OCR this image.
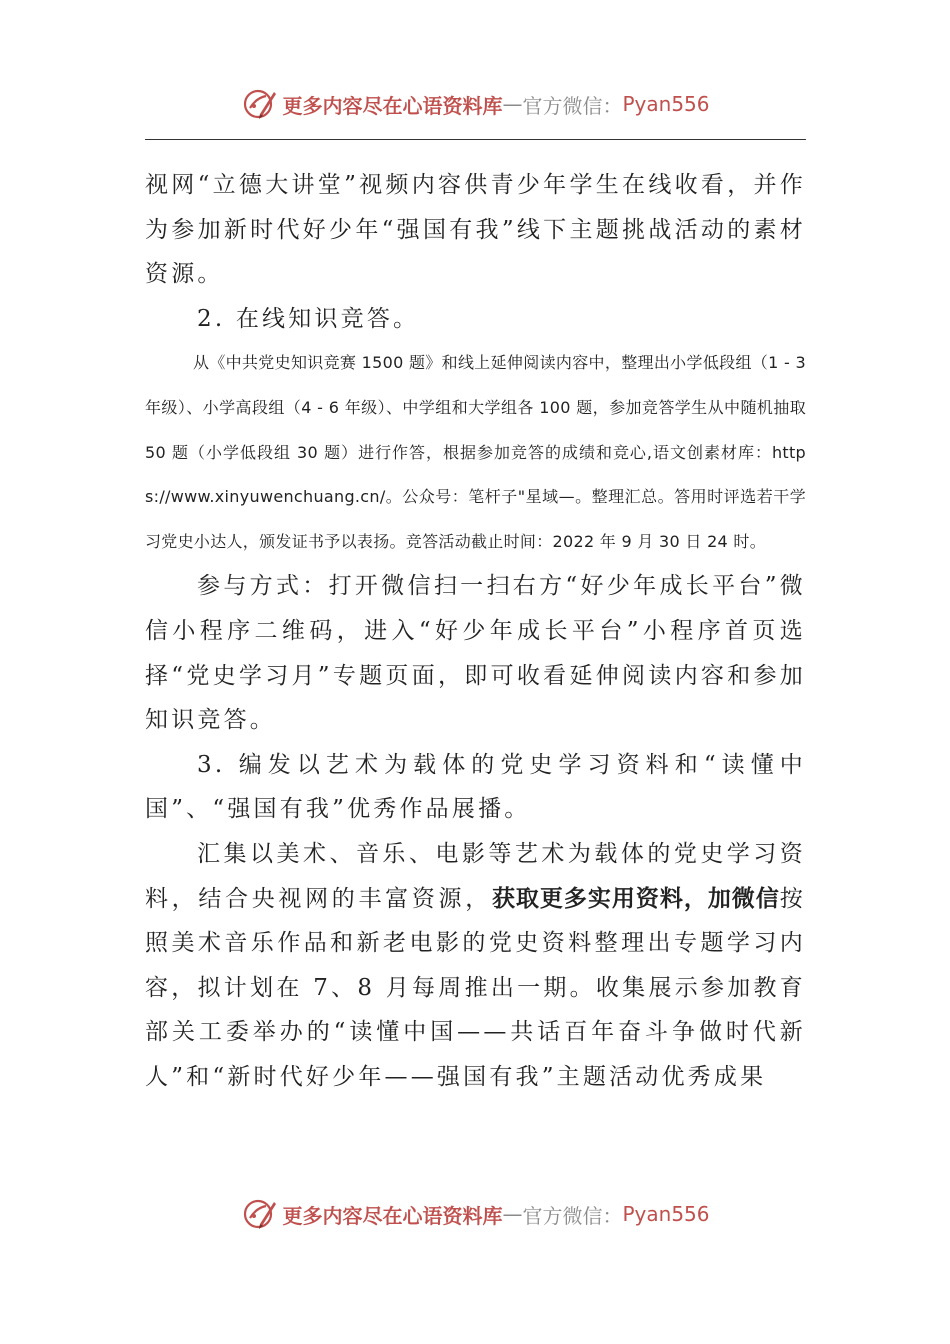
更多内容尽在心语资料库 — 官方微信： Pyan556

视网“立德大讲堂”视频内容供青少年学生在线收看，并作为参加新时代好少年“强国有我”线下主题挑战活动的素材资源。

2. 在线知识竞答。

从《中共党史知识竞赛 1500 题》和线上延伸阅读内容中，整理出小学低段组（1 - 3 年级）、小学高段组（4 - 6 年级）、中学组和大学组各 100 题，参加竞答学生从中随机抽取 50 题（小学低段组 30 题）进行作答，根据参加竞答的成绩和竞心,语文创素材库：https://www.xinyuwenchuang.cn/。公众号：笔杆子"星域—。整理汇总。答用时评选若干学习党史小达人，颁发证书予以表扬。竞答活动截止时间：2022 年 9 月 30 日 24 时。

参与方式：打开微信扫一扫右方“好少年成长平台”微信小程序二维码，进入“好少年成长平台”小程序首页选择“党史学习月”专题页面，即可收看延伸阅读内容和参加知识竞答。

3. 编发以艺术为载体的党史学习资料和“读懂中国”、“强国有我”优秀作品展播。

汇集以美术、音乐、电影等艺术为载体的党史学习资料，结合央视网的丰富资源，获取更多实用资料，加微信按照美术音乐作品和新老电影的党史资料整理出专题学习内容，拟计划在 7、8 月每周推出一期。收集展示参加教育部关工委举办的“读懂中国——共话百年奋斗争做时代新人”和“新时代好少年——强国有我”主题活动优秀成果

更多内容尽在心语资料库 — 官方微信： Pyan556
